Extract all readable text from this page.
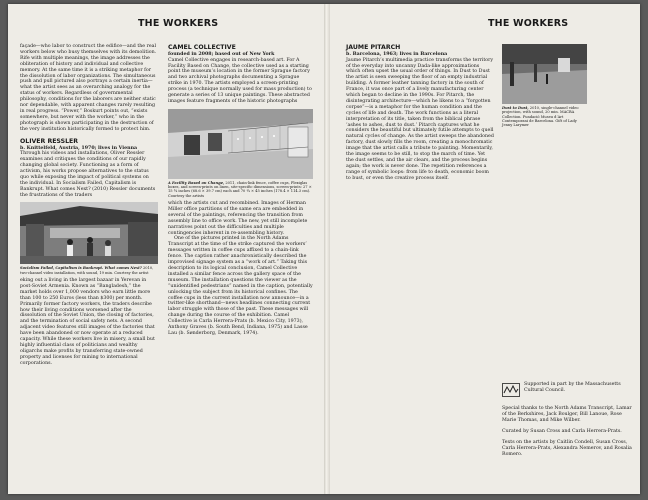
THE WORKERS

façade—who labor to construct the edifice—and the real workers below who busy themselves with its demolition. Rife with multiple meanings, the image addresses the obliteration of history and individual and collective memory. At the same time it is a striking metaphor for the dissolution of labor organizations. The simultaneous push and pull pictured also portrays a certain inertia—what the artist sees as an overarching analogy for the status of workers. Regardless of governmental philosophy, conditions for the laborers are neither static nor dependable, with apparent changes rarely resulting in real progress. “Power,” Boskurt points out, “exists somewhere, but never with the worker,” who in the photograph is shown participating in the destruction of the very institution historically formed to protect him.

OLIVER RESSLER
b. Knittelfeld, Austria, 1970; lives in Vienna

Through his videos and installations, Oliver Ressler examines and critiques the conditions of our rapidly changing global society. Functioning as a form of activism, his works propose alternatives to the status quo while exposing the impact of political systems on the individual. In Socialism Failed, Capitalism is Bankrupt. What comes Next? (2010) Ressler documents the frustrations of the traders

Socialism Failed, Capitalism is Bankrupt. What comes Next? 2010, two-channel video installation, with sound, 19 min. Courtesy the artist

eking out a living in the largest bazaar in Yerevan in post-Soviet Armenia. Known as “Bangladesh,” the market holds over 1,000 vendors who earn little more than 100 to 250 Euros (less than $300) per month. Primarily former factory workers, the traders describe how their living conditions worsened after the dissolution of the Soviet Union, the closing of factories, and the termination of social safety nets. A second adjacent video features still images of the factories that have been abandoned or now operate at a reduced capacity. While these workers live in misery, a small but highly influential class of politicians and wealthy oligarchs make profits by transferring state-owned property and licenses for mining to international corporations.

CAMEL COLLECTIVE
founded in 2008; based out of New York

Camel Collective engages in research-based art. For A Facility Based on Change, the collective used as a starting point the museum’s location in the former Sprague factory and two archival photographs documenting a Sprague strike in 1970. The artists employed a screen-printing process (a technique normally used for mass production) to generate a series of 13 unique paintings. These abstracted images feature fragments of the historic photographs

A Facility Based on Change, 2011, chain-link fence, coffee cups, Plexiglas boxes, and screen-prints on linen, site-specific dimensions, screen-prints: 27 × 15 ¾ inches (68.6 × 39.7 cm) each and 70 ¼ × 45 inches (178.4 × 114.3 cm). Courtesy the artists

which the artists cut and recombined. Images of Herman Miller office partitions of the same era are embedded in several of the paintings, referencing the transition from assembly line to office work. The new, yet still incomplete narratives point out the difficulties and multiple contingencies inherent in re-assembling history.

One of the pictures printed in the North Adams Transcript at the time of the strike captured the workers’ messages written in coffee cups affixed to a chain-link fence. The caption rather anachronistically described the improvised signage system as a “work of art.” Taking this description to its logical conclusion, Camel Collective installed a similar fence across the gallery space of the museum. The installation questions the viewer as the “unidentified pedestrians” named in the caption, potentially unlocking the subject from its historical confines. The coffee cups in the current installation now announce—in a twitter-like shorthand—news headlines connecting current labor struggle with those of the past. These messages will change during the course of the exhibition. Camel Collective is Carla Herrera-Prats (b. Mexico City, 1973), Anthony Graves (b. South Bend, Indiana, 1975) and Lasse Lau (b. Sønderborg, Denmark, 1974).

THE WORKERS
JAUME PITARCH
b. Barcelona, 1963; lives in Barcelona

Jaume Pitarch’s multimedia practice transforms the territory of the everyday into uncanny Dada-like approximations which often upset the usual order of things. In Dust to Dust the artist is seen sweeping the floor of an empty industrial building. A former leather tanning factory in the south of France, it was once part of a lively manufacturing center which began to decline in the 1990s. For Pitarch, the disintegrating architecture—which he likens to a “forgotten corpse”—is a metaphor for the human condition and the cycles of life and death. The work functions as a literal interpretation of its title, taken from the biblical phrase ‘ashes to ashes, dust to dust.’ Pitarch captures what he considers the beautiful but ultimately futile attempts to quell natural cycles of change. As the artist sweeps the abandoned factory, dust slowly fills the room, creating a monochromatic image that the artist calls a tribute to painting. Momentarily, the image seems to be still, to stop the march of time. Yet the dust settles, and the air clears, and the process begins again; the work is never done. The repetition references a range of symbolic loops: from life to death, economic boom to bust, or even the creative process itself.

Dust to Dust, 2010, single-channel video projection, with sound, 20 min. MACBA Collection. Fundació Museu d’Art Contemporani de Barcelona. Gift of Lady Jenny Larymer

Supported in part by the Massachusetts Cultural Council.

Special thanks to the North Adams Transcript, Lamar of the Berkshires, Jack Boulger, Bill Lanoue, Rose Marie Thomas, and Mike Wilber.

Curated by Susan Cross and Carla Herrera-Prats.

Texts on the artists by Caitlin Condell, Susan Cross, Carla Herrera-Prats, Alexandra Nemerov, and Rosalia Romero.
